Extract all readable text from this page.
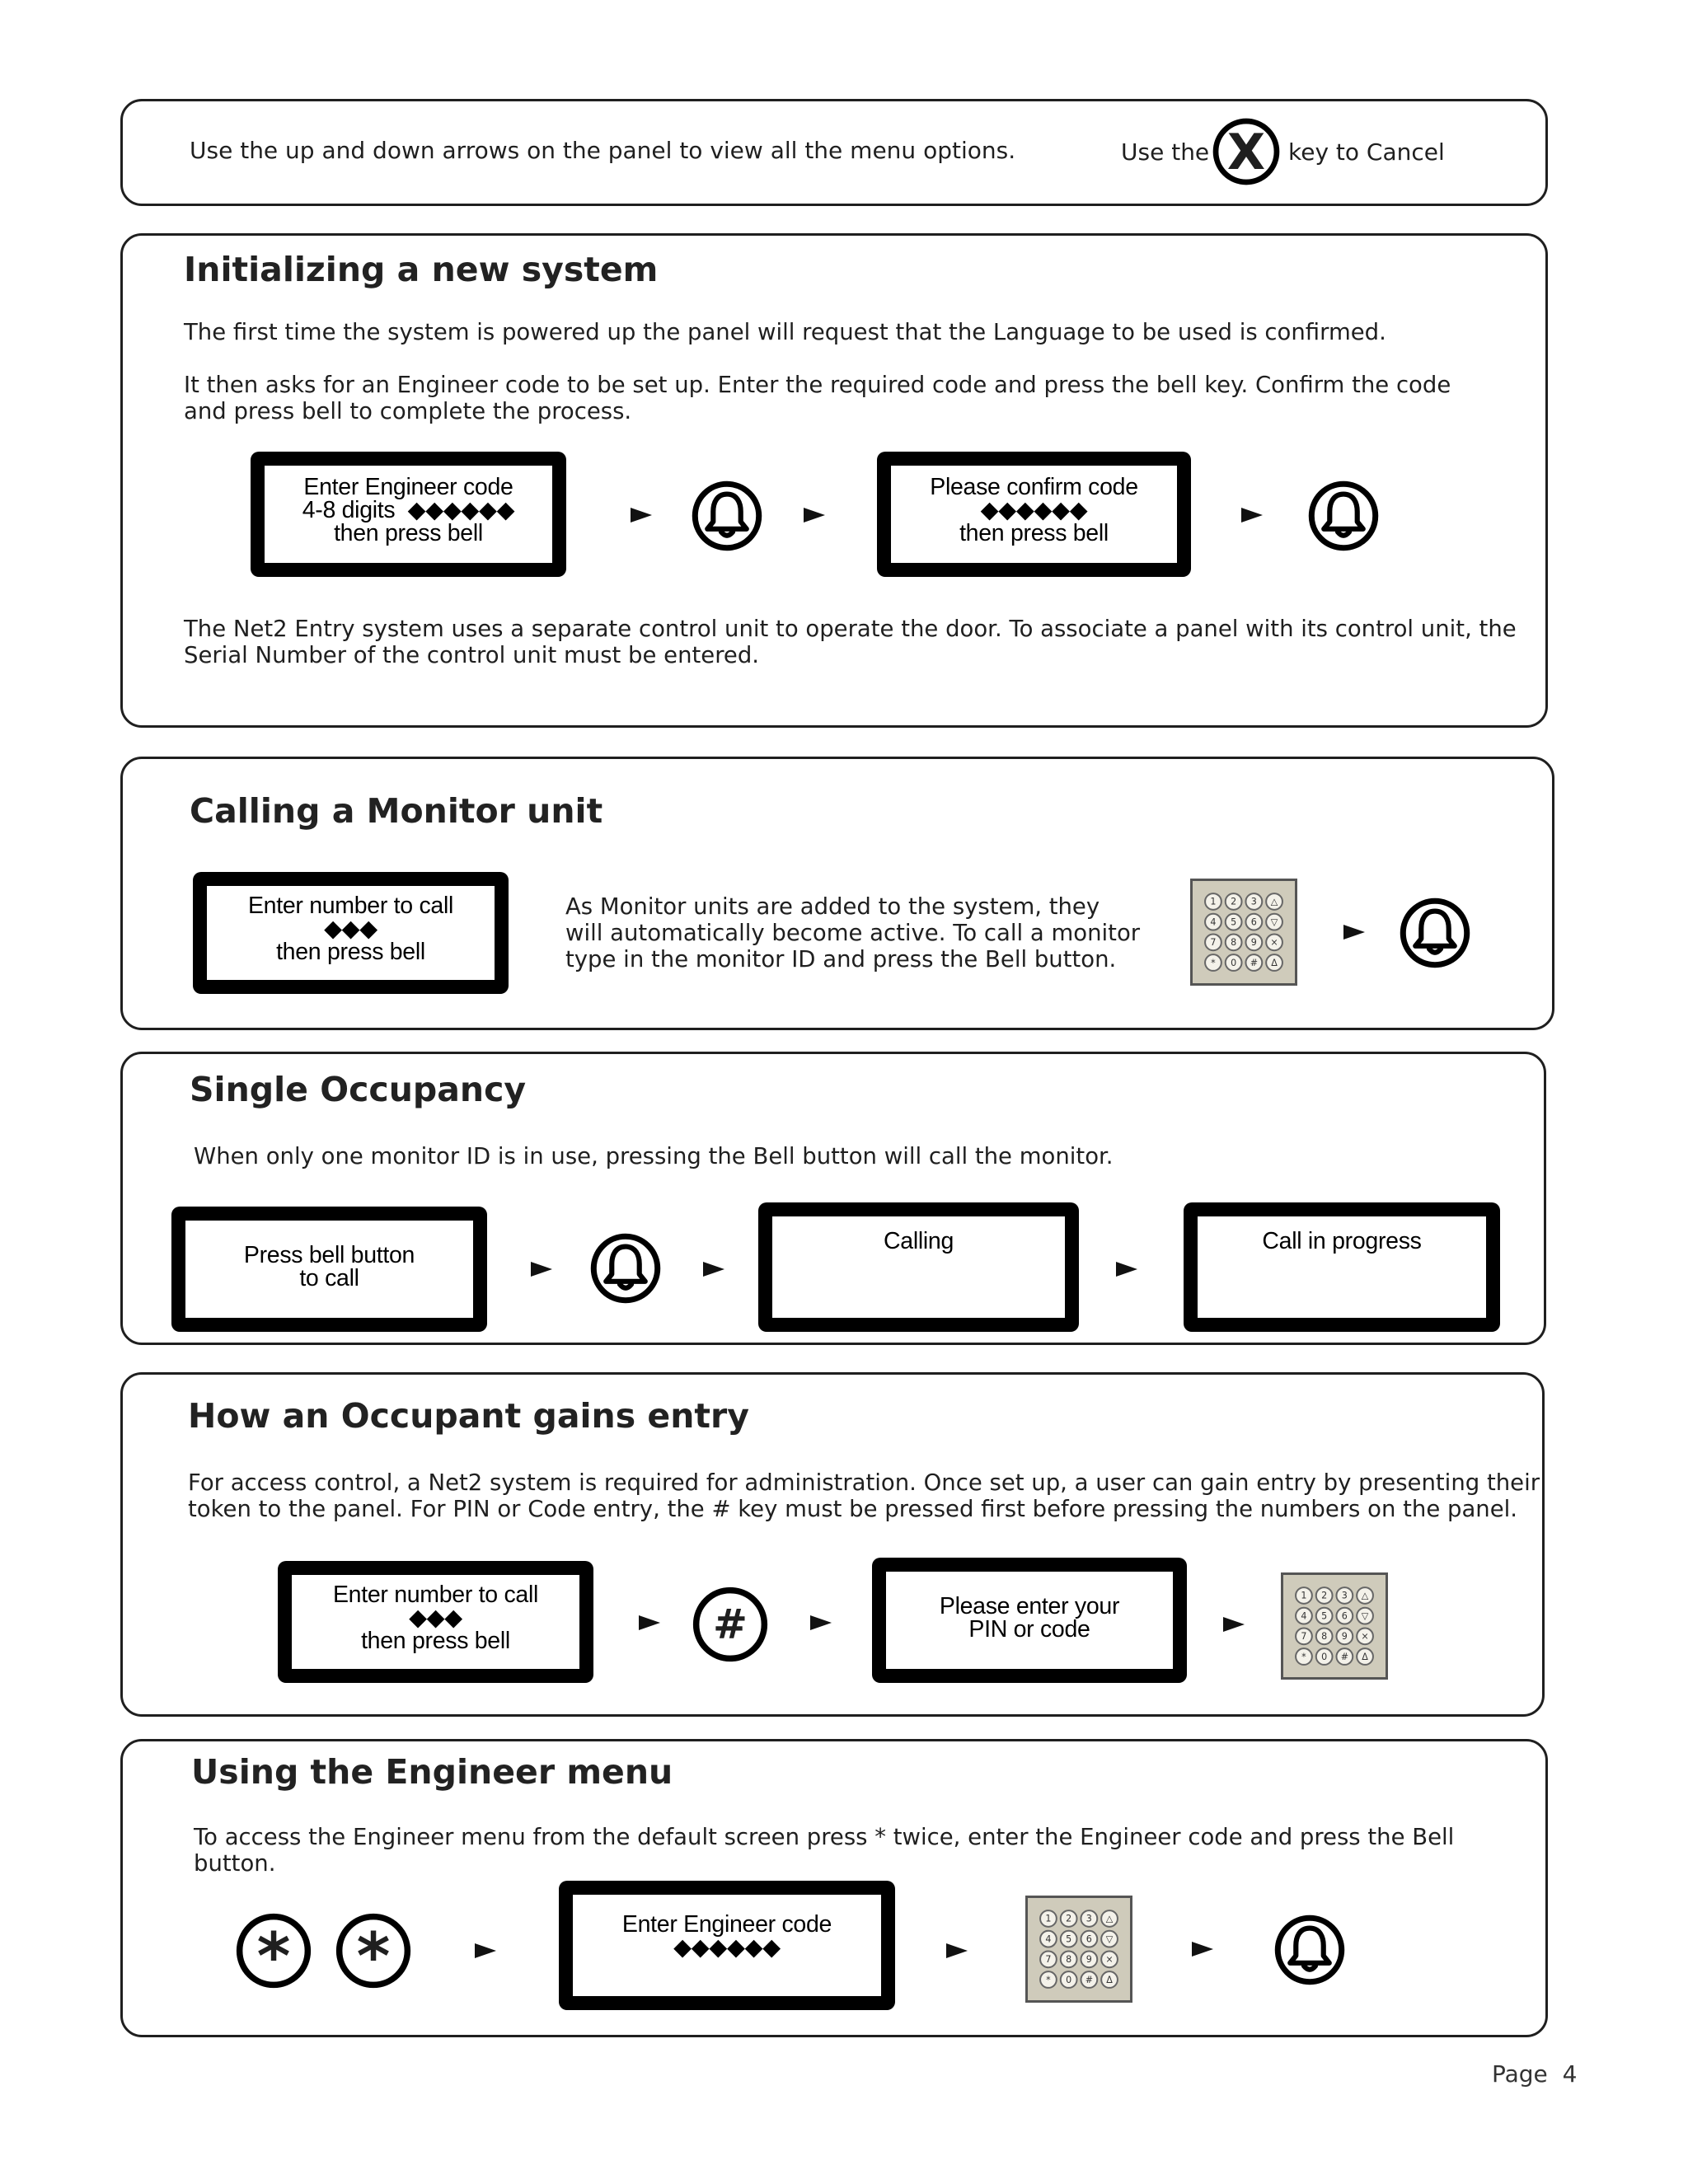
Use the up and down arrows on the panel to view all the menu options.	Use the X key to Cancel
Initializing a new system
The first time the system is powered up the panel will request that the Language to be used is confirmed.
It then asks for an Engineer code to be set up. Enter the required code and press the bell key. Confirm the code
and press bell to complete the process.
Enter Engineer code
4-8 digits  ◆◆◆◆◆◆
then press bell
Please confirm code
◆◆◆◆◆◆
then press bell
The Net2 Entry system uses a separate control unit to operate the door. To associate a panel with its control unit, the
Serial Number of the control unit must be entered.
Calling a Monitor unit
Enter number to call
◆◆◆
then press bell
As Monitor units are added to the system, they
will automatically become active. To call a monitor
type in the monitor ID and press the Bell button.
1 2 3 △
4 5 6 ▽
7 8 9 ×
* 0 # Δ
Single Occupancy
When only one monitor ID is in use, pressing the Bell button will call the monitor.
Press bell button
to call
Calling	Call in progress
How an Occupant gains entry
For access control, a Net2 system is required for administration. Once set up, a user can gain entry by presenting their
token to the panel. For PIN or Code entry, the # key must be pressed first before pressing the numbers on the panel.
Enter number to call
◆◆◆
then press bell	#	Please enter your
PIN or code
1 2 3 △
4 5 6 ▽
7 8 9 ×
* 0 # Δ
Using the Engineer menu
To access the Engineer menu from the default screen press * twice, enter the Engineer code and press the Bell
button.
*	*	Enter Engineer code
◆◆◆◆◆◆
1 2 3 △
4 5 6 ▽
7 8 9 ×
* 0 # Δ
Page  4
